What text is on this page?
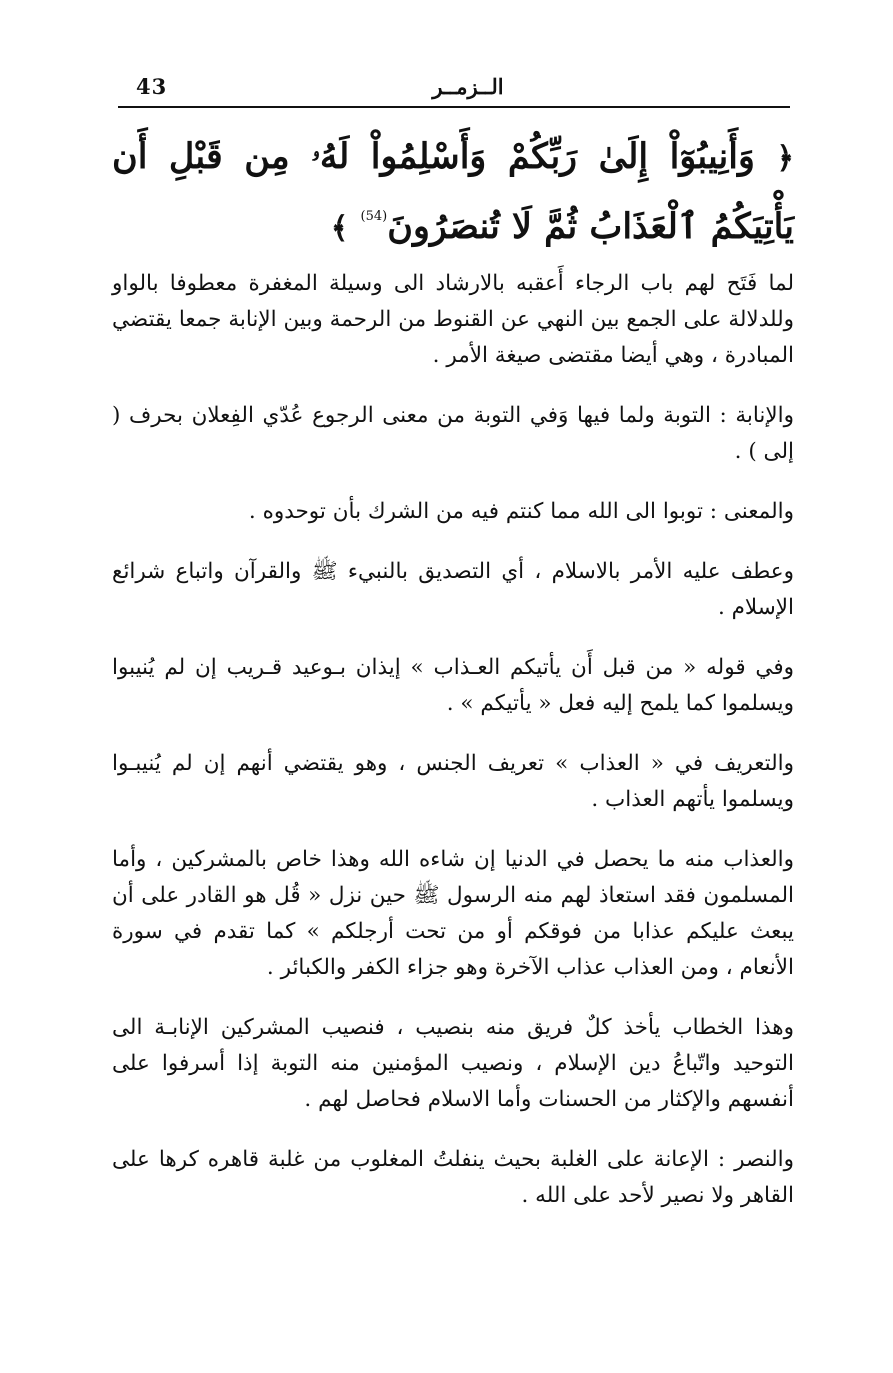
43	الــزمــر
﴿ وَأَنِيبُوٓاْ إِلَىٰ رَبِّكُمْ وَأَسْلِمُواْ لَهُۥ مِن قَبْلِ أَن يَأْتِيَكُمُ ٱلْعَذَابُ ثُمَّ لَا تُنصَرُونَ$^{(54)}$ ﴾

لما فَتَح لهم باب الرجاء أَعقبه بالارشاد الى وسيلة المغفرة معطوفا بالواو وللدلالة على الجمع بين النهي عن القنوط من الرحمة وبين الإنابة جمعا يقتضي المبادرة ، وهي أيضا مقتضى صيغة الأمر .

والإنابة : التوبة ولما فيها وَفي التوبة من معنى الرجوع عُدّي الفِعلان بحرف ( إلى ) .

والمعنى : توبوا الى الله مما كنتم فيه من الشرك بأن توحدوه .

وعطف عليه الأمر بالاسلام ، أي التصديق بالنبيء ﷺ والقرآن واتباع شرائع الإسلام .

وفي قوله « من قبل أَن يأتيكم العـذاب » إيذان بـوعيد قـريب إن لم يُنيبوا ويسلموا كما يلمح إليه فعل « يأتيكم » .

والتعريف في « العذاب » تعريف الجنس ، وهو يقتضي أنهم إن لم يُنيبـوا ويسلموا يأتهم العذاب .

والعذاب منه ما يحصل في الدنيا إن شاءه الله وهذا خاص بالمشركين ، وأما المسلمون فقد استعاذ لهم منه الرسول ﷺ حين نزل « قُل هو القادر على أن يبعث عليكم عذابا من فوقكم أو من تحت أرجلكم » كما تقدم في سورة الأنعام ، ومن العذاب عذاب الآخرة وهو جزاء الكفر والكبائر .

وهذا الخطاب يأخذ كلٌ فريق منه بنصيب ، فنصيب المشركين الإنابـة الى التوحيد واتّباعُ دين الإسلام ، ونصيب المؤمنين منه التوبة إذا أسرفوا على أنفسهم والإكثار من الحسنات وأما الاسلام فحاصل لهم .

والنصر : الإعانة على الغلبة بحيث ينفلتُ المغلوب من غلبة قاهره كرها على القاهر ولا نصير لأحد على الله .
